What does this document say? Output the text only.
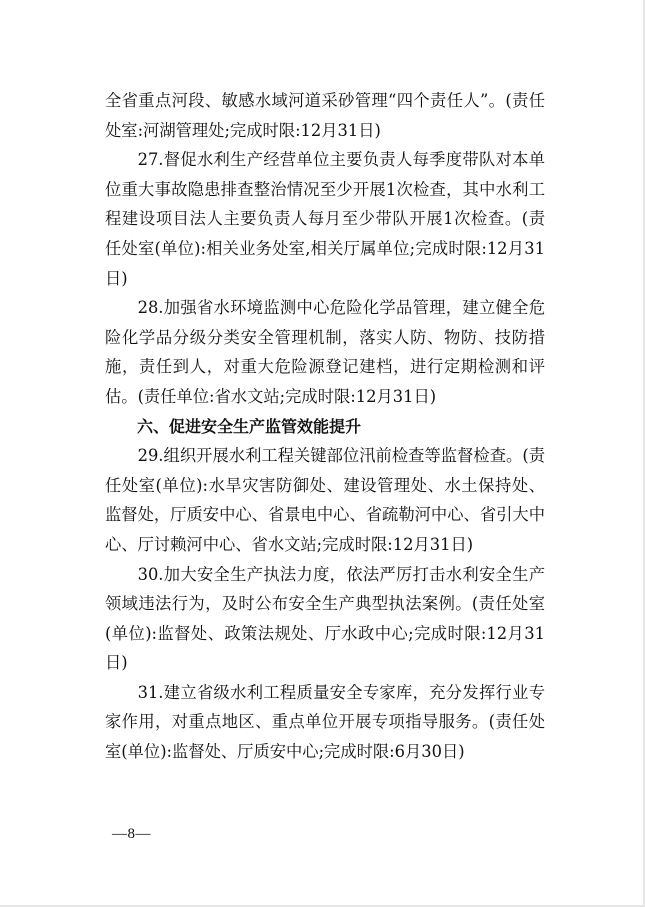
全省重点河段、敏感水域河道采砂管理“四个责任人”。(责任处室:河湖管理处;完成时限:12月31日)

27.督促水利生产经营单位主要负责人每季度带队对本单位重大事故隐患排查整治情况至少开展1次检查，其中水利工程建设项目法人主要负责人每月至少带队开展1次检查。(责任处室(单位):相关业务处室,相关厅属单位;完成时限:12月31日)

28.加强省水环境监测中心危险化学品管理，建立健全危险化学品分级分类安全管理机制，落实人防、物防、技防措施，责任到人，对重大危险源登记建档，进行定期检测和评估。(责任单位:省水文站;完成时限:12月31日)

六、促进安全生产监管效能提升

29.组织开展水利工程关键部位汛前检查等监督检查。(责任处室(单位):水旱灾害防御处、建设管理处、水土保持处、监督处，厅质安中心、省景电中心、省疏勒河中心、省引大中心、厅讨赖河中心、省水文站;完成时限:12月31日)

30.加大安全生产执法力度，依法严厉打击水利安全生产领域违法行为，及时公布安全生产典型执法案例。(责任处室(单位):监督处、政策法规处、厅水政中心;完成时限:12月31日)

31.建立省级水利工程质量安全专家库，充分发挥行业专家作用，对重点地区、重点单位开展专项指导服务。(责任处室(单位):监督处、厅质安中心;完成时限:6月30日)

—8—
